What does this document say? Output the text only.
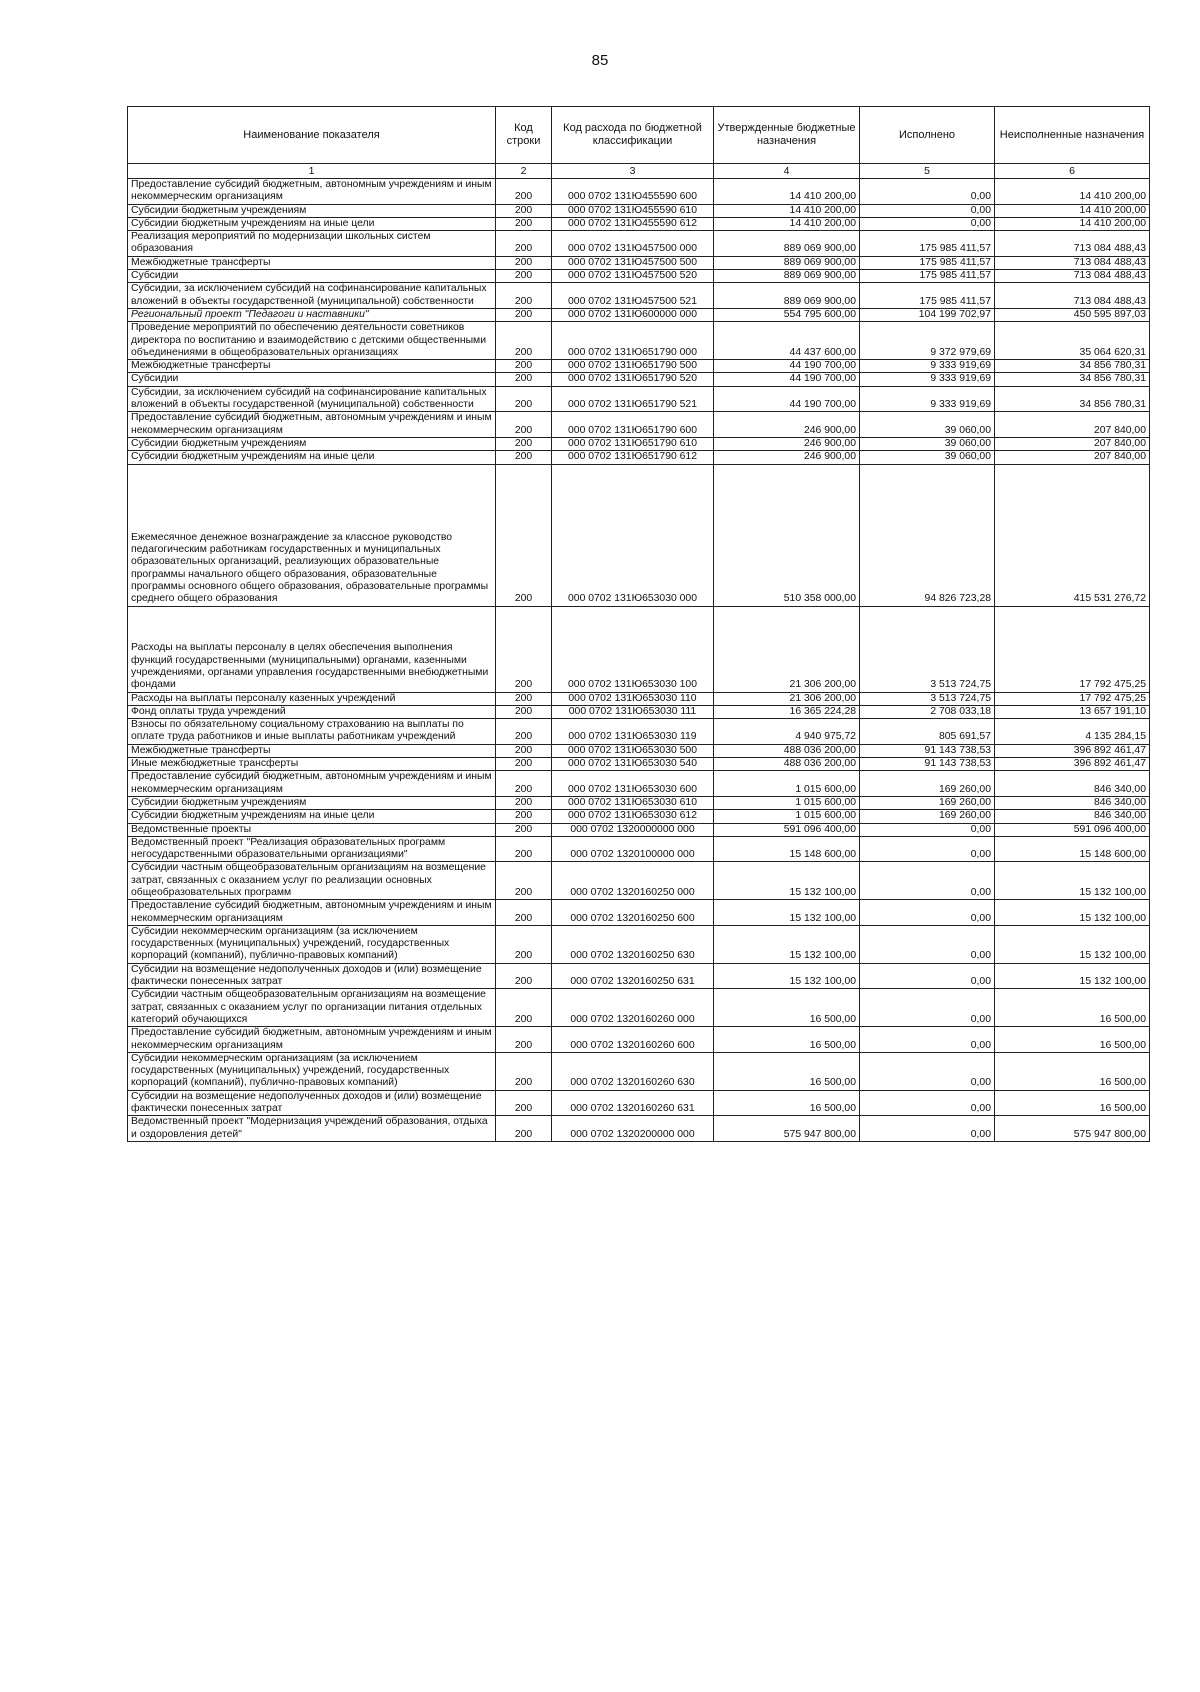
85
Наименование показателя	Код строки	Код расхода по бюджетной классификации	Утвержденные бюджетные назначения	Исполнено	Неисполненные назначения
1	2	3	4	5	6
Предоставление субсидий бюджетным, автономным учреждениям и иным некоммерческим организациям	200	000 0702 131Ю455590 600	14 410 200,00	0,00	14 410 200,00
Субсидии бюджетным учреждениям	200	000 0702 131Ю455590 610	14 410 200,00	0,00	14 410 200,00
Субсидии бюджетным учреждениям на иные цели	200	000 0702 131Ю455590 612	14 410 200,00	0,00	14 410 200,00
Реализация мероприятий по модернизации школьных систем образования	200	000 0702 131Ю457500 000	889 069 900,00	175 985 411,57	713 084 488,43
Межбюджетные трансферты	200	000 0702 131Ю457500 500	889 069 900,00	175 985 411,57	713 084 488,43
Субсидии	200	000 0702 131Ю457500 520	889 069 900,00	175 985 411,57	713 084 488,43
Субсидии, за исключением субсидий на софинансирование капитальных вложений в объекты государственной (муниципальной) собственности	200	000 0702 131Ю457500 521	889 069 900,00	175 985 411,57	713 084 488,43
Региональный проект "Педагоги и наставники"	200	000 0702 131Ю600000 000	554 795 600,00	104 199 702,97	450 595 897,03
Проведение мероприятий по обеспечению деятельности советников директора по воспитанию и взаимодействию с детскими общественными объединениями в общеобразовательных организациях	200	000 0702 131Ю651790 000	44 437 600,00	9 372 979,69	35 064 620,31
Межбюджетные трансферты	200	000 0702 131Ю651790 500	44 190 700,00	9 333 919,69	34 856 780,31
Субсидии	200	000 0702 131Ю651790 520	44 190 700,00	9 333 919,69	34 856 780,31
Субсидии, за исключением субсидий на софинансирование капитальных вложений в объекты государственной (муниципальной) собственности	200	000 0702 131Ю651790 521	44 190 700,00	9 333 919,69	34 856 780,31
Предоставление субсидий бюджетным, автономным учреждениям и иным некоммерческим организациям	200	000 0702 131Ю651790 600	246 900,00	39 060,00	207 840,00
Субсидии бюджетным учреждениям	200	000 0702 131Ю651790 610	246 900,00	39 060,00	207 840,00
Субсидии бюджетным учреждениям на иные цели	200	000 0702 131Ю651790 612	246 900,00	39 060,00	207 840,00
Ежемесячное денежное вознаграждение за классное руководство педагогическим работникам государственных и муниципальных образовательных организаций, реализующих образовательные программы начального общего образования, образовательные программы основного общего образования, образовательные программы среднего общего образования	200	000 0702 131Ю653030 000	510 358 000,00	94 826 723,28	415 531 276,72
Расходы на выплаты персоналу в целях обеспечения выполнения функций государственными (муниципальными) органами, казенными учреждениями, органами управления государственными внебюджетными фондами	200	000 0702 131Ю653030 100	21 306 200,00	3 513 724,75	17 792 475,25
Расходы на выплаты персоналу казенных учреждений	200	000 0702 131Ю653030 110	21 306 200,00	3 513 724,75	17 792 475,25
Фонд оплаты труда учреждений	200	000 0702 131Ю653030 111	16 365 224,28	2 708 033,18	13 657 191,10
Взносы по обязательному социальному страхованию на выплаты по оплате труда работников и иные выплаты работникам учреждений	200	000 0702 131Ю653030 119	4 940 975,72	805 691,57	4 135 284,15
Межбюджетные трансферты	200	000 0702 131Ю653030 500	488 036 200,00	91 143 738,53	396 892 461,47
Иные межбюджетные трансферты	200	000 0702 131Ю653030 540	488 036 200,00	91 143 738,53	396 892 461,47
Предоставление субсидий бюджетным, автономным учреждениям и иным некоммерческим организациям	200	000 0702 131Ю653030 600	1 015 600,00	169 260,00	846 340,00
Субсидии бюджетным учреждениям	200	000 0702 131Ю653030 610	1 015 600,00	169 260,00	846 340,00
Субсидии бюджетным учреждениям на иные цели	200	000 0702 131Ю653030 612	1 015 600,00	169 260,00	846 340,00
Ведомственные проекты	200	000 0702 1320000000 000	591 096 400,00	0,00	591 096 400,00
Ведомственный проект "Реализация образовательных программ негосударственными образовательными организациями"	200	000 0702 1320100000 000	15 148 600,00	0,00	15 148 600,00
Субсидии частным общеобразовательным организациям на возмещение затрат, связанных с оказанием услуг по реализации основных общеобразовательных программ	200	000 0702 1320160250 000	15 132 100,00	0,00	15 132 100,00
Предоставление субсидий бюджетным, автономным учреждениям и иным некоммерческим организациям	200	000 0702 1320160250 600	15 132 100,00	0,00	15 132 100,00
Субсидии некоммерческим организациям (за исключением государственных (муниципальных) учреждений, государственных корпораций (компаний), публично-правовых компаний)	200	000 0702 1320160250 630	15 132 100,00	0,00	15 132 100,00
Субсидии на возмещение недополученных доходов и (или) возмещение фактически понесенных затрат	200	000 0702 1320160250 631	15 132 100,00	0,00	15 132 100,00
Субсидии частным общеобразовательным организациям на возмещение затрат, связанных с оказанием услуг по организации питания отдельных категорий обучающихся	200	000 0702 1320160260 000	16 500,00	0,00	16 500,00
Предоставление субсидий бюджетным, автономным учреждениям и иным некоммерческим организациям	200	000 0702 1320160260 600	16 500,00	0,00	16 500,00
Субсидии некоммерческим организациям (за исключением государственных (муниципальных) учреждений, государственных корпораций (компаний), публично-правовых компаний)	200	000 0702 1320160260 630	16 500,00	0,00	16 500,00
Субсидии на возмещение недополученных доходов и (или) возмещение фактически понесенных затрат	200	000 0702 1320160260 631	16 500,00	0,00	16 500,00
Ведомственный проект "Модернизация учреждений образования, отдыха и оздоровления детей"	200	000 0702 1320200000 000	575 947 800,00	0,00	575 947 800,00
